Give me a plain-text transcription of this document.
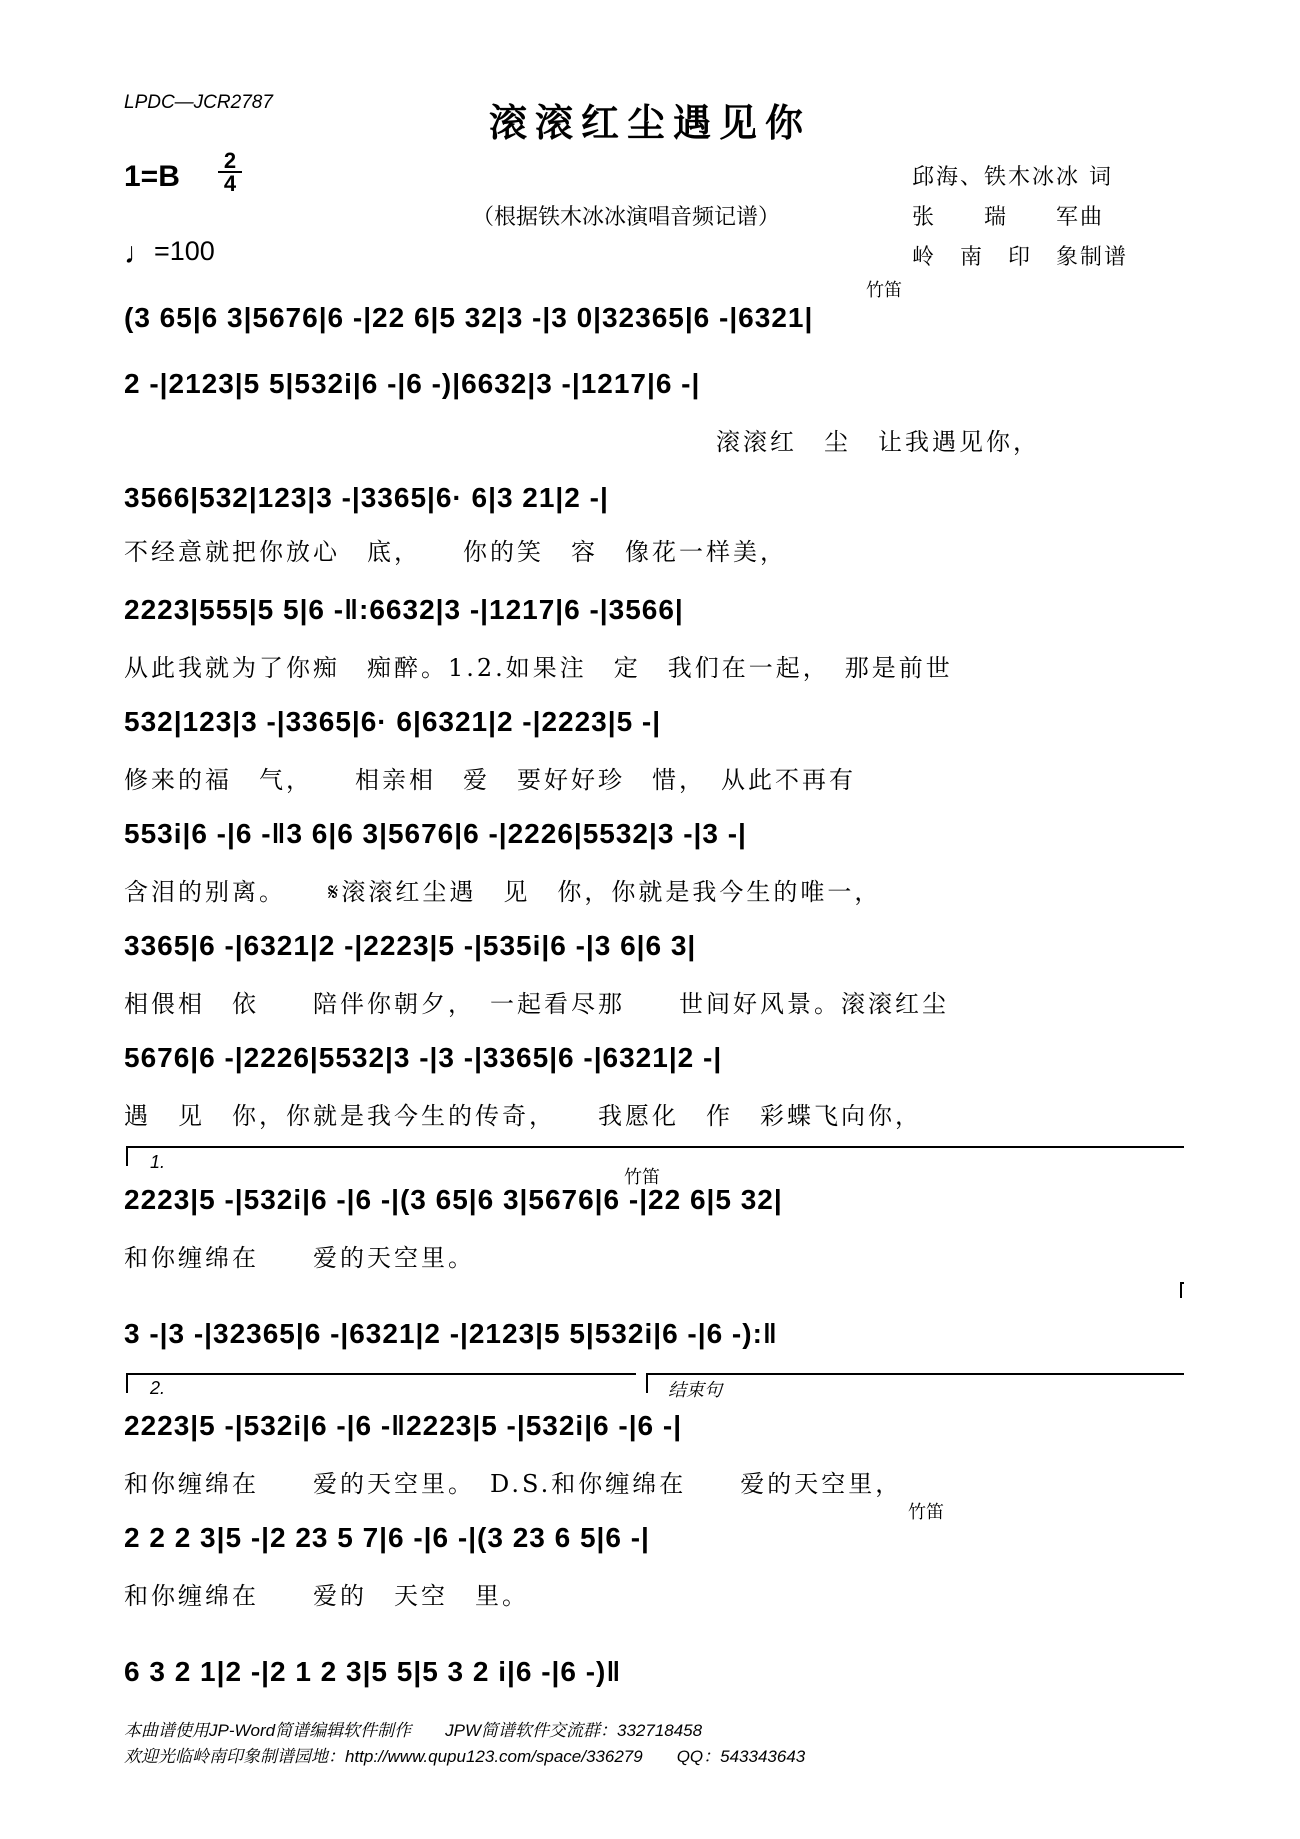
LPDC—JCR2787	滚滚红尘遇见你
1=B 2
4
♩=100
（根据铁木冰冰演唱音频记谱）
邱海、铁木冰冰 词
张　　瑞　　军曲
岭　南　印　象制谱
竹笛
竹笛
竹笛
1.
2.	结束句
(3 65|6 3|5676|6 -|22 6|5 32|3 -|3 0|32365|6 -|6321|
2 -|2123|5 5|532i|6 -|6 -)|6632|3 -|1217|6 -|
滚滚红　尘　让我遇见你，
3566|532|123|3 -|3365|6· 6|3 21|2 -|
不经意就把你放心　底，　　你的笑　容　像花一样美，
2223|555|5 5|6 -‖:6632|3 -|1217|6 -|3566|
从此我就为了你痴　痴醉。1.2.如果注　定　我们在一起，　那是前世
532|123|3 -|3365|6· 6|6321|2 -|2223|5 -|
修来的福　气，　　相亲相　爱　要好好珍　惜，　从此不再有
553i|6 -|6 -‖3 6|6 3|5676|6 -|2226|5532|3 -|3 -|
含泪的别离。　　𝄋滚滚红尘遇　见　你，你就是我今生的唯一，
3365|6 -|6321|2 -|2223|5 -|535i|6 -|3 6|6 3|
相偎相　依　　陪伴你朝夕，　一起看尽那　　世间好风景。滚滚红尘
5676|6 -|2226|5532|3 -|3 -|3365|6 -|6321|2 -|
遇　见　你，你就是我今生的传奇，　　我愿化　作　彩蝶飞向你，
2223|5 -|532i|6 -|6 -|(3 65|6 3|5676|6 -|22 6|5 32|
和你缠绵在　　爱的天空里。
3 -|3 -|32365|6 -|6321|2 -|2123|5 5|532i|6 -|6 -):‖
2223|5 -|532i|6 -|6 -‖2223|5 -|532i|6 -|6 -|
和你缠绵在　　爱的天空里。　D.S.和你缠绵在　　爱的天空里，
2 2 2 3|5 -|2 23 5 7|6 -|6 -|(3 23 6 5|6 -|
和你缠绵在　　爱的　天空　里。
6 3 2 1|2 -|2 1 2 3|5 5|5 3 2 i|6 -|6 -)‖
本曲谱使用JP-Word简谱编辑软件制作　　JPW简谱软件交流群：332718458
欢迎光临岭南印象制谱园地：http://www.qupu123.com/space/336279　　QQ：543343643
